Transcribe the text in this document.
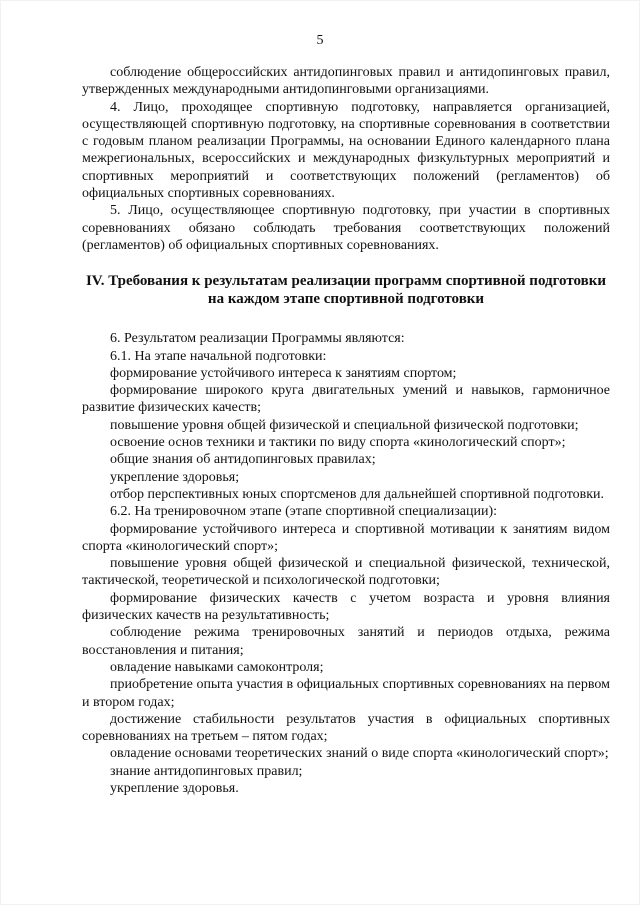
5

соблюдение общероссийских антидопинговых правил и антидопинговых правил, утвержденных международными антидопинговыми организациями.

4. Лицо, проходящее спортивную подготовку, направляется организацией, осуществляющей спортивную подготовку, на спортивные соревнования в соответствии с годовым планом реализации Программы, на основании Единого календарного плана межрегиональных, всероссийских и международных физкультурных мероприятий и спортивных мероприятий и соответствующих положений (регламентов) об официальных спортивных соревнованиях.

5. Лицо, осуществляющее спортивную подготовку, при участии в спортивных соревнованиях обязано соблюдать требования соответствующих положений (регламентов) об официальных спортивных соревнованиях.

IV. Требования к результатам реализации программ спортивной подготовки
на каждом этапе спортивной подготовки

6. Результатом реализации Программы являются:

6.1. На этапе начальной подготовки:

формирование устойчивого интереса к занятиям спортом;

формирование широкого круга двигательных умений и навыков, гармоничное развитие физических качеств;

повышение уровня общей физической и специальной физической подготовки;

освоение основ техники и тактики по виду спорта «кинологический спорт»;

общие знания об антидопинговых правилах;

укрепление здоровья;

отбор перспективных юных спортсменов для дальнейшей спортивной подготовки.

6.2. На тренировочном этапе (этапе спортивной специализации):

формирование устойчивого интереса и спортивной мотивации к занятиям видом спорта «кинологический спорт»;

повышение уровня общей физической и специальной физической, технической, тактической, теоретической и психологической подготовки;

формирование физических качеств с учетом возраста и уровня влияния физических качеств на результативность;

соблюдение режима тренировочных занятий и периодов отдыха, режима восстановления и питания;

овладение навыками самоконтроля;

приобретение опыта участия в официальных спортивных соревнованиях на первом и втором годах;

достижение стабильности результатов участия в официальных спортивных соревнованиях на третьем – пятом годах;

овладение основами теоретических знаний о виде спорта «кинологический спорт»;

знание антидопинговых правил;

укрепление здоровья.
